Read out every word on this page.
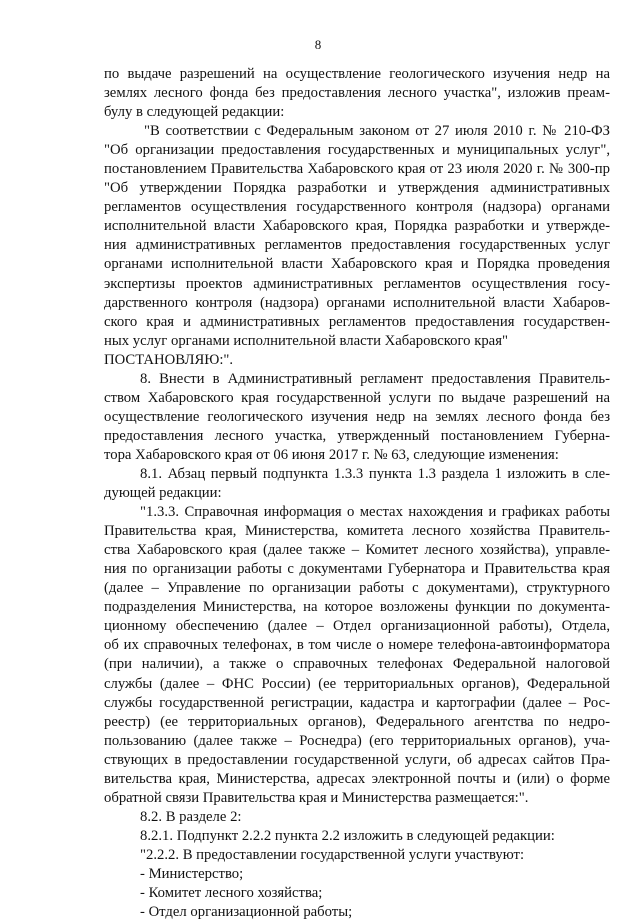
8
по выдаче разрешений на осуществление геологического изучения недр на
землях лесного фонда без предоставления лесного участка", изложив преам-
булу в следующей редакции:
"В соответствии с Федеральным законом от 27 июля 2010 г. № 210-ФЗ
"Об организации предоставления государственных и муниципальных услуг",
постановлением Правительства Хабаровского края от 23 июля 2020 г. № 300-пр
"Об утверждении Порядка разработки и утверждения административных
регламентов осуществления государственного контроля (надзора) органами
исполнительной власти Хабаровского края, Порядка разработки и утвержде-
ния административных регламентов предоставления государственных услуг
органами исполнительной власти Хабаровского края и Порядка проведения
экспертизы проектов административных регламентов осуществления госу-
дарственного контроля (надзора) органами исполнительной власти Хабаров-
ского края и административных регламентов предоставления государствен-
ных услуг органами исполнительной власти Хабаровского края"
ПОСТАНОВЛЯЮ:".
8. Внести в Административный регламент предоставления Правитель-
ством Хабаровского края государственной услуги по выдаче разрешений на
осуществление геологического изучения недр на землях лесного фонда без
предоставления лесного участка, утвержденный постановлением Губерна-
тора Хабаровского края от 06 июня 2017 г. № 63, следующие изменения:
8.1. Абзац первый подпункта 1.3.3 пункта 1.3 раздела 1 изложить в сле-
дующей редакции:
"1.3.3. Справочная информация о местах нахождения и графиках работы
Правительства края, Министерства, комитета лесного хозяйства Правитель-
ства Хабаровского края (далее также – Комитет лесного хозяйства), управле-
ния по организации работы с документами Губернатора и Правительства края
(далее – Управление по организации работы с документами), структурного
подразделения Министерства, на которое возложены функции по документа-
ционному обеспечению (далее – Отдел организационной работы), Отдела,
об их справочных телефонах, в том числе о номере телефона-автоинформатора
(при наличии), а также о справочных телефонах Федеральной налоговой
службы (далее – ФНС России) (ее территориальных органов), Федеральной
службы государственной регистрации, кадастра и картографии (далее – Рос-
реестр) (ее территориальных органов), Федерального агентства по недро-
пользованию (далее также – Роснедра) (его территориальных органов), уча-
ствующих в предоставлении государственной услуги, об адресах сайтов Пра-
вительства края, Министерства, адресах электронной почты и (или) о форме
обратной связи Правительства края и Министерства размещается:".
8.2. В разделе 2:
8.2.1. Подпункт 2.2.2 пункта 2.2 изложить в следующей редакции:
"2.2.2. В предоставлении государственной услуги участвуют:
- Министерство;
- Комитет лесного хозяйства;
- Отдел организационной работы;
